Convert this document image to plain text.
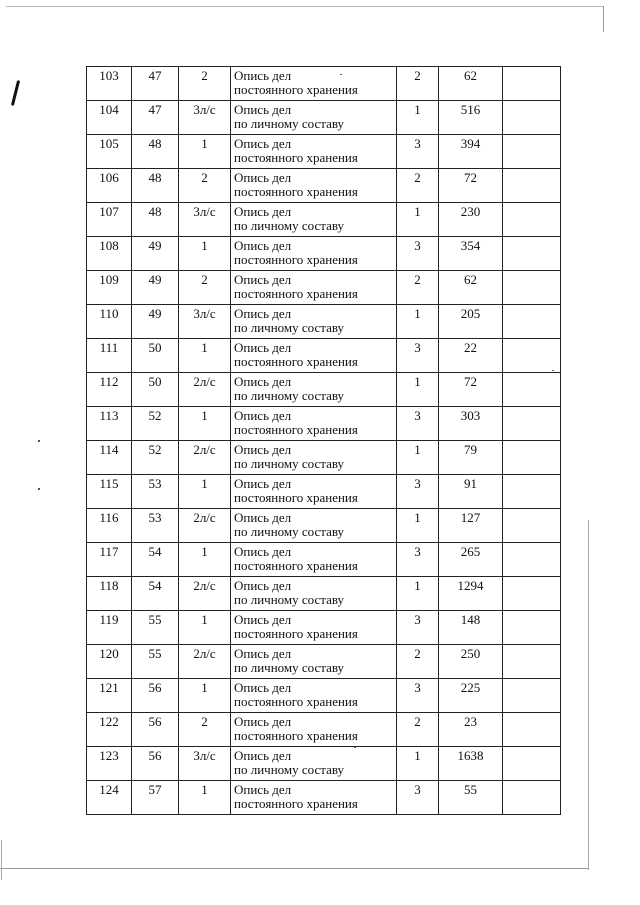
103	47	2	Опись дел
постоянного хранения	2	62	
104	47	3л/с	Опись дел
по личному составу	1	516	
105	48	1	Опись дел
постоянного хранения	3	394	
106	48	2	Опись дел
постоянного хранения	2	72	
107	48	3л/с	Опись дел
по личному составу	1	230	
108	49	1	Опись дел
постоянного хранения	3	354	
109	49	2	Опись дел
постоянного хранения	2	62	
110	49	3л/с	Опись дел
по личному составу	1	205	
111	50	1	Опись дел
постоянного хранения	3	22	
112	50	2л/с	Опись дел
по личному составу	1	72	
113	52	1	Опись дел
постоянного хранения	3	303	
114	52	2л/с	Опись дел
по личному составу	1	79	
115	53	1	Опись дел
постоянного хранения	3	91	
116	53	2л/с	Опись дел
по личному составу	1	127	
117	54	1	Опись дел
постоянного хранения	3	265	
118	54	2л/с	Опись дел
по личному составу	1	1294	
119	55	1	Опись дел
постоянного хранения	3	148	
120	55	2л/с	Опись дел
по личному составу	2	250	
121	56	1	Опись дел
постоянного хранения	3	225	
122	56	2	Опись дел
постоянного хранения	2	23	
123	56	3л/с	Опись дел
по личному составу	1	1638	
124	57	1	Опись дел
постоянного хранения	3	55	
